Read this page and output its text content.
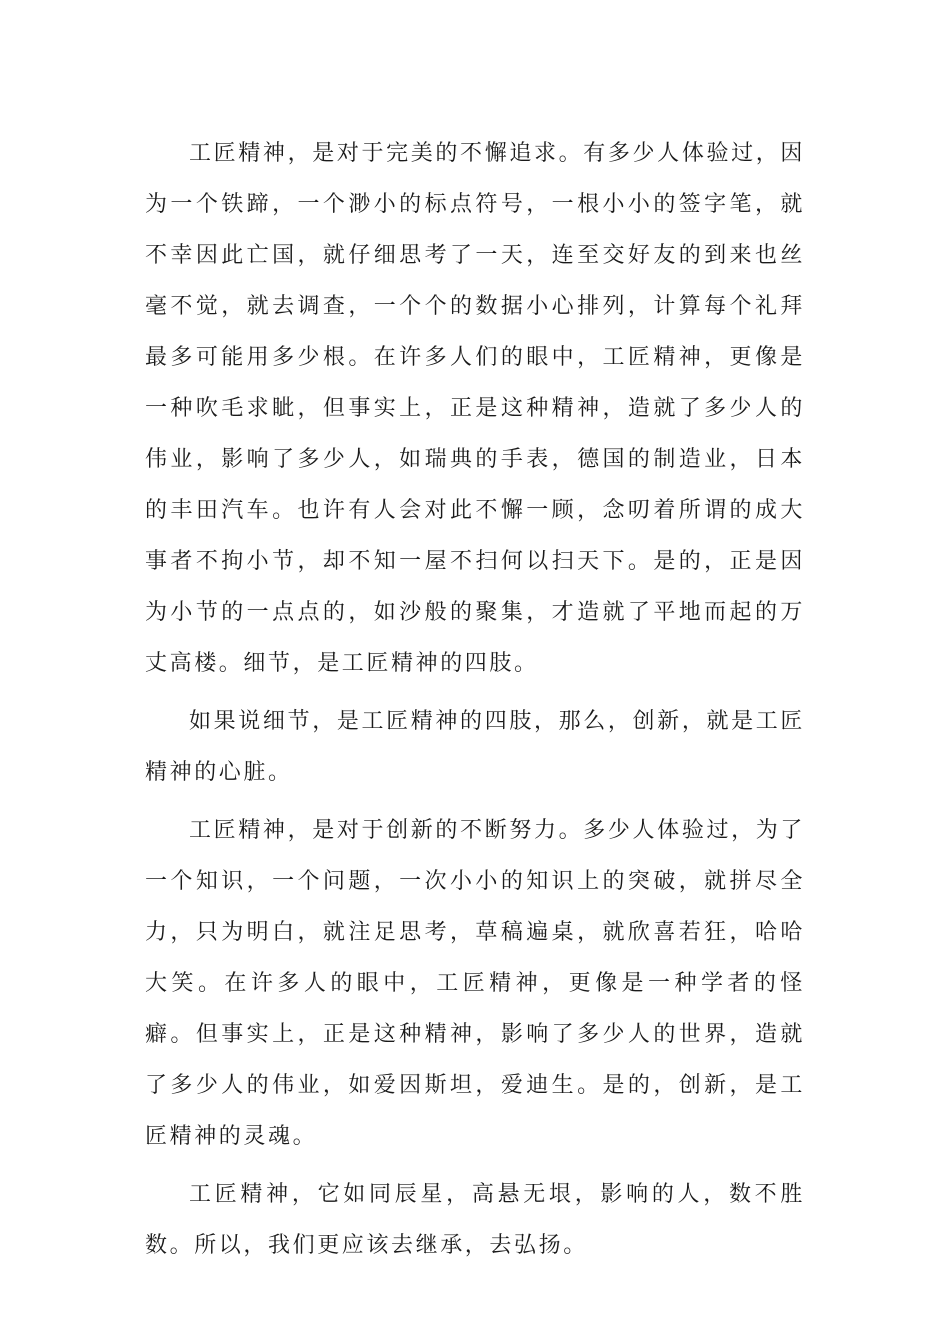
工匠精神，是对于完美的不懈追求。有多少人体验过，因为一个铁蹄，一个渺小的标点符号，一根小小的签字笔，就不幸因此亡国，就仔细思考了一天，连至交好友的到来也丝毫不觉，就去调查，一个个的数据小心排列，计算每个礼拜最多可能用多少根。在许多人们的眼中，工匠精神，更像是一种吹毛求眦，但事实上，正是这种精神，造就了多少人的伟业，影响了多少人，如瑞典的手表，德国的制造业，日本的丰田汽车。也许有人会对此不懈一顾，念叨着所谓的成大事者不拘小节，却不知一屋不扫何以扫天下。是的，正是因为小节的一点点的，如沙般的聚集，才造就了平地而起的万丈高楼。细节，是工匠精神的四肢。

如果说细节，是工匠精神的四肢，那么，创新，就是工匠精神的心脏。

工匠精神，是对于创新的不断努力。多少人体验过，为了一个知识，一个问题，一次小小的知识上的突破，就拼尽全力，只为明白，就注足思考，草稿遍桌，就欣喜若狂，哈哈大笑。在许多人的眼中，工匠精神，更像是一种学者的怪癖。但事实上，正是这种精神，影响了多少人的世界，造就了多少人的伟业，如爱因斯坦，爱迪生。是的，创新，是工匠精神的灵魂。

工匠精神，它如同辰星，高悬无垠，影响的人，数不胜数。所以，我们更应该去继承，去弘扬。
